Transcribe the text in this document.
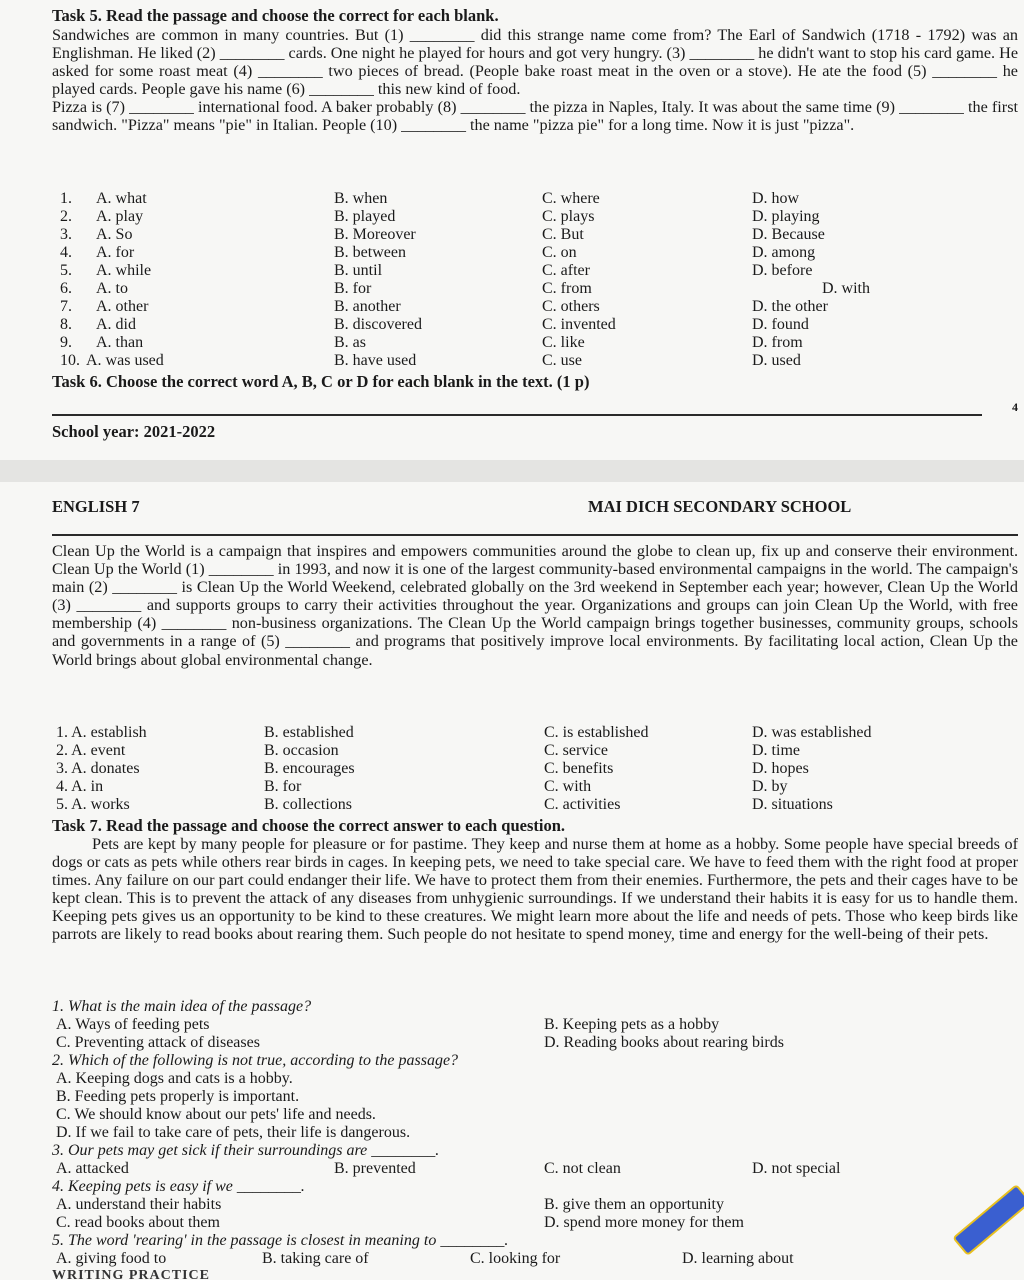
Task 5. Read the passage and choose the correct for each blank.

Sandwiches are common in many countries. But (1) ________ did this strange name come from? The Earl of Sandwich (1718 - 1792) was an Englishman. He liked (2) ________ cards. One night he played for hours and got very hungry. (3) ________ he didn't want to stop his card game. He asked for some roast meat (4) ________ two pieces of bread. (People bake roast meat in the oven or a stove). He ate the food (5) ________ he played cards. People gave his name (6) ________ this new kind of food.

Pizza is (7) ________ international food. A baker probably (8) ________ the pizza in Naples, Italy. It was about the same time (9) ________ the first sandwich. "Pizza" means "pie" in Italian. People (10) ________ the name "pizza pie" for a long time. Now it is just "pizza".

1. A. what	B. when	C. where	D. how
2. A. play	B. played	C. plays	D. playing
3. A. So	B. Moreover	C. But	D. Because
4. A. for	B. between	C. on	D. among
5. A. while	B. until	C. after	D. before
6. A. to	B. for	C. from	D. with
7. A. other	B. another	C. others	D. the other
8. A. did	B. discovered	C. invented	D. found
9. A. than	B. as	C. like	D. from
10. A. was used	B. have used	C. use	D. used
Task 6. Choose the correct word A, B, C or D for each blank in the text. (1 p)
4
School year: 2021-2022
ENGLISH 7	MAI DICH SECONDARY SCHOOL
Clean Up the World is a campaign that inspires and empowers communities around the globe to clean up, fix up and conserve their environment. Clean Up the World (1) ________ in 1993, and now it is one of the largest community-based environmental campaigns in the world. The campaign's main (2) ________ is Clean Up the World Weekend, celebrated globally on the 3rd weekend in September each year; however, Clean Up the World (3) ________ and supports groups to carry their activities throughout the year. Organizations and groups can join Clean Up the World, with free membership (4) ________ non-business organizations. The Clean Up the World campaign brings together businesses, community groups, schools and governments in a range of (5) ________ and programs that positively improve local environments. By facilitating local action, Clean Up the World brings about global environmental change.
1. A. establish	B. established	C. is established	D. was established
2. A. event	B. occasion	C. service	D. time
3. A. donates	B. encourages	C. benefits	D. hopes
4. A. in	B. for	C. with	D. by
5. A. works	B. collections	C. activities	D. situations
Task 7. Read the passage and choose the correct answer to each question.
Pets are kept by many people for pleasure or for pastime. They keep and nurse them at home as a hobby. Some people have special breeds of dogs or cats as pets while others rear birds in cages. In keeping pets, we need to take special care. We have to feed them with the right food at proper times. Any failure on our part could endanger their life. We have to protect them from their enemies. Furthermore, the pets and their cages have to be kept clean. This is to prevent the attack of any diseases from unhygienic surroundings. If we understand their habits it is easy for us to handle them. Keeping pets gives us an opportunity to be kind to these creatures. We might learn more about the life and needs of pets. Those who keep birds like parrots are likely to read books about rearing them. Such people do not hesitate to spend money, time and energy for the well-being of their pets.
1. What is the main idea of the passage?
A. Ways of feeding pets	B. Keeping pets as a hobby
C. Preventing attack of diseases	D. Reading books about rearing birds
2. Which of the following is not true, according to the passage?
A. Keeping dogs and cats is a hobby.
B. Feeding pets properly is important.
C. We should know about our pets' life and needs.
D. If we fail to take care of pets, their life is dangerous.
3. Our pets may get sick if their surroundings are ________.
A. attacked	B. prevented	C. not clean	D. not special
4. Keeping pets is easy if we ________.
A. understand their habits	B. give them an opportunity
C. read books about them	D. spend more money for them
5. The word 'rearing' in the passage is closest in meaning to ________.
A. giving food to	B. taking care of	C. looking for	D. learning about
WRITING PRACTICE
